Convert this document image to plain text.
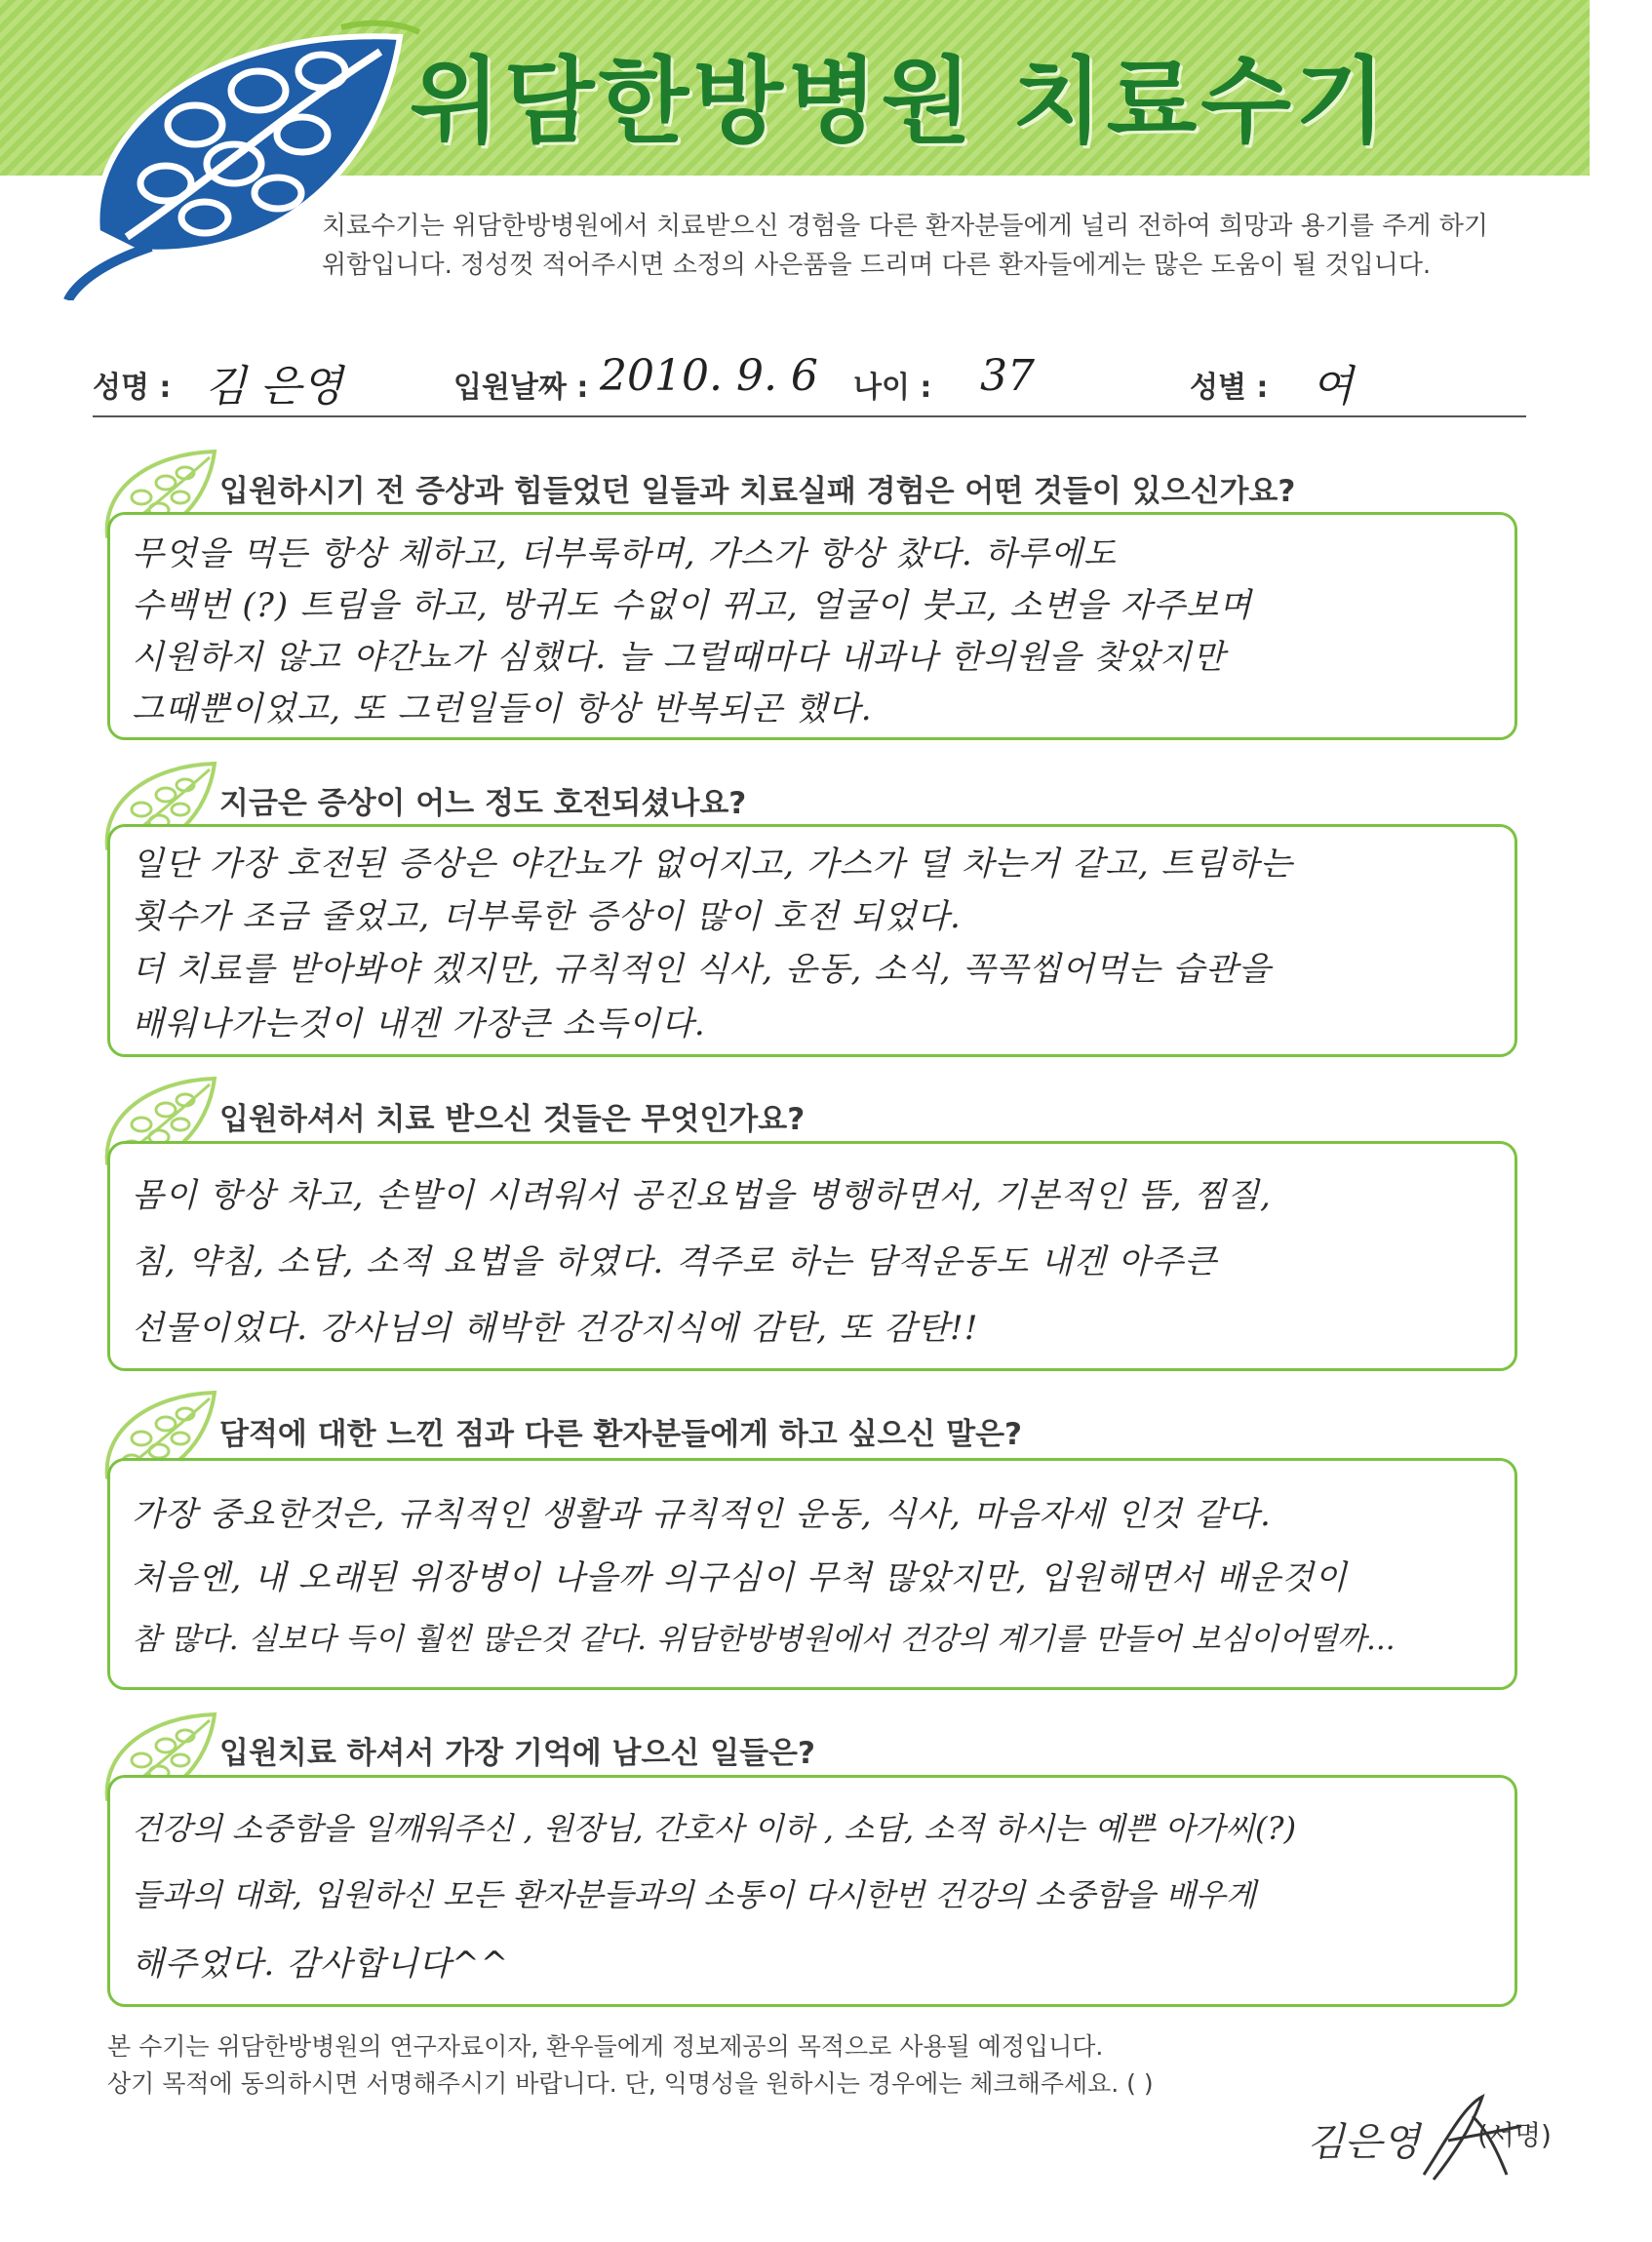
위담한방병원 치료수기
치료수기는 위담한방병원에서 치료받으신 경험을 다른 환자분들에게 널리 전하여 희망과 용기를 주게 하기
위함입니다. 정성껏 적어주시면 소정의 사은품을 드리며 다른 환자들에게는 많은 도움이 될 것입니다.
성명 : 김 은영	입원날짜 : 2010. 9. 6 나이 : 37	성별 : 여
입원하시기 전 증상과 힘들었던 일들과 치료실패 경험은 어떤 것들이 있으신가요?
무엇을 먹든 항상 체하고, 더부룩하며, 가스가 항상 찼다. 하루에도
수백번 (?) 트림을 하고, 방귀도 수없이 뀌고, 얼굴이 붓고, 소변을 자주보며
시원하지 않고 야간뇨가 심했다. 늘 그럴때마다 내과나 한의원을 찾았지만
그때뿐이었고, 또 그런일들이 항상 반복되곤 했다.
지금은 증상이 어느 정도 호전되셨나요?
일단 가장 호전된 증상은 야간뇨가 없어지고, 가스가 덜 차는거 같고, 트림하는
횟수가 조금 줄었고, 더부룩한 증상이 많이 호전 되었다.
더 치료를 받아봐야 겠지만, 규칙적인 식사, 운동, 소식, 꼭꼭씹어먹는 습관을
배워나가는것이 내겐 가장큰 소득이다.
입원하셔서 치료 받으신 것들은 무엇인가요?
몸이 항상 차고, 손발이 시려워서 공진요법을 병행하면서, 기본적인 뜸, 찜질,
침, 약침, 소담, 소적 요법을 하였다. 격주로 하는 담적운동도 내겐 아주큰
선물이었다. 강사님의 해박한 건강지식에 감탄, 또 감탄!!
담적에 대한 느낀 점과 다른 환자분들에게 하고 싶으신 말은?
가장 중요한것은, 규칙적인 생활과 규칙적인 운동, 식사, 마음자세 인것 같다.
처음엔, 내 오래된 위장병이 나을까 의구심이 무척 많았지만, 입원해면서 배운것이
참 많다. 실보다 득이 훨씬 많은것 같다. 위담한방병원에서 건강의 계기를 만들어 보심이어떨까...
입원치료 하셔서 가장 기억에 남으신 일들은?
건강의 소중함을 일깨워주신 , 원장님, 간호사 이하 , 소담, 소적 하시는 예쁜 아가씨(?)
들과의 대화, 입원하신 모든 환자분들과의 소통이 다시한번 건강의 소중함을 배우게
해주었다. 감사합니다^^
본 수기는 위담한방병원의 연구자료이자, 환우들에게 정보제공의 목적으로 사용될 예정입니다.
상기 목적에 동의하시면 서명해주시기 바랍니다. 단, 익명성을 원하시는 경우에는 체크해주세요. ( )
김은영 (서명)
